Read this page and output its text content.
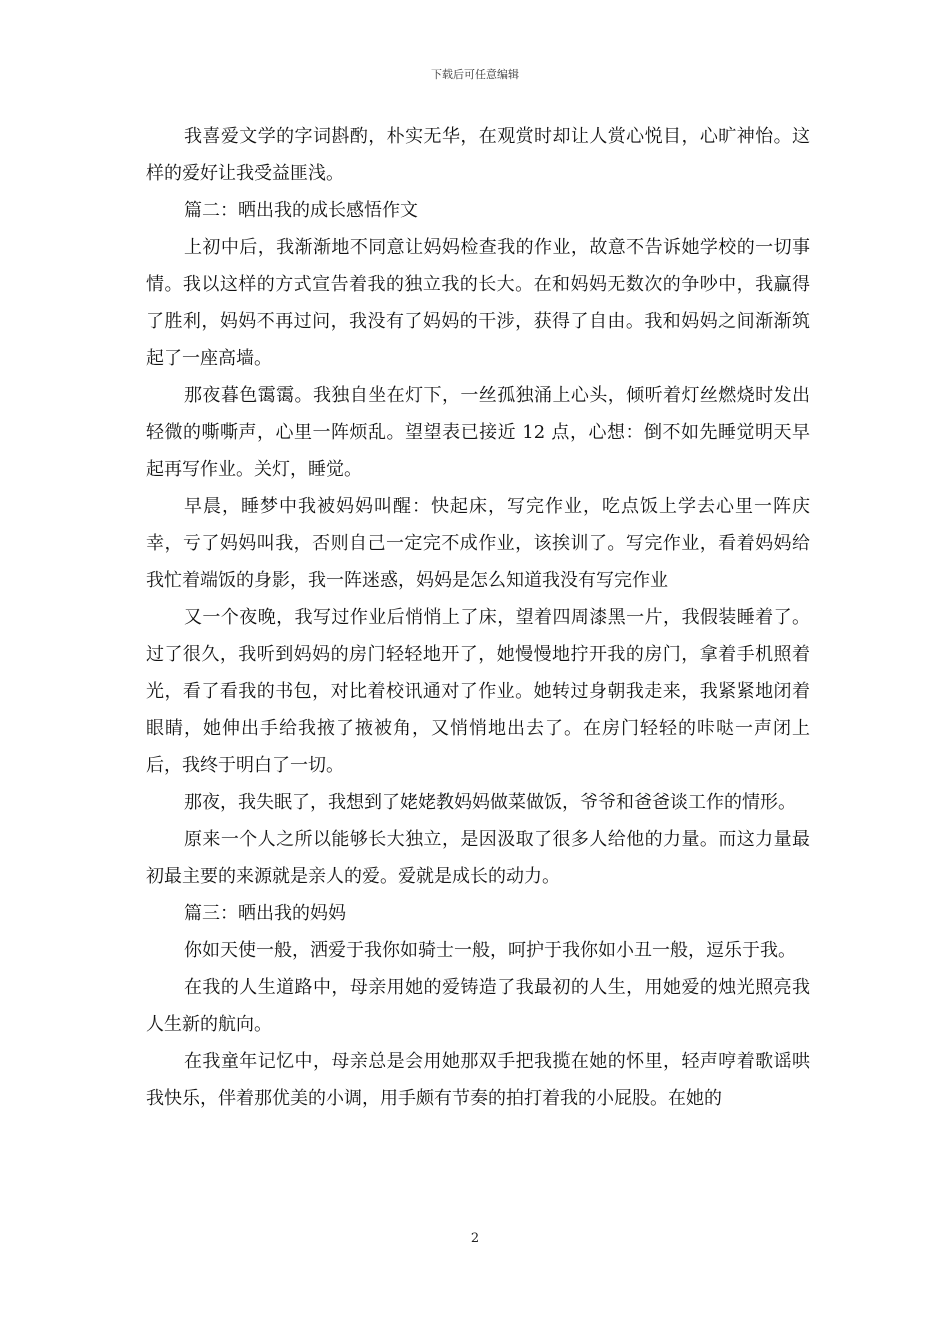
下载后可任意编辑

我喜爱文学的字词斟酌，朴实无华，在观赏时却让人赏心悦目，心旷神怡。这样的爱好让我受益匪浅。

篇二：晒出我的成长感悟作文

上初中后，我渐渐地不同意让妈妈检查我的作业，故意不告诉她学校的一切事情。我以这样的方式宣告着我的独立我的长大。在和妈妈无数次的争吵中，我赢得了胜利，妈妈不再过问，我没有了妈妈的干涉，获得了自由。我和妈妈之间渐渐筑起了一座高墙。

那夜暮色霭霭。我独自坐在灯下，一丝孤独涌上心头，倾听着灯丝燃烧时发出轻微的嘶嘶声，心里一阵烦乱。望望表已接近 12 点，心想：倒不如先睡觉明天早起再写作业。关灯，睡觉。

早晨，睡梦中我被妈妈叫醒：快起床，写完作业，吃点饭上学去心里一阵庆幸，亏了妈妈叫我，否则自己一定完不成作业，该挨训了。写完作业，看着妈妈给我忙着端饭的身影，我一阵迷惑，妈妈是怎么知道我没有写完作业

又一个夜晚，我写过作业后悄悄上了床，望着四周漆黑一片，我假装睡着了。过了很久，我听到妈妈的房门轻轻地开了，她慢慢地拧开我的房门，拿着手机照着光，看了看我的书包，对比着校讯通对了作业。她转过身朝我走来，我紧紧地闭着眼睛，她伸出手给我掖了掖被角，又悄悄地出去了。在房门轻轻的咔哒一声闭上后，我终于明白了一切。

那夜，我失眠了，我想到了姥姥教妈妈做菜做饭，爷爷和爸爸谈工作的情形。

原来一个人之所以能够长大独立，是因汲取了很多人给他的力量。而这力量最初最主要的来源就是亲人的爱。爱就是成长的动力。

篇三：晒出我的妈妈

你如天使一般，洒爱于我你如骑士一般，呵护于我你如小丑一般，逗乐于我。

在我的人生道路中，母亲用她的爱铸造了我最初的人生，用她爱的烛光照亮我人生新的航向。

在我童年记忆中，母亲总是会用她那双手把我揽在她的怀里，轻声哼着歌谣哄我快乐，伴着那优美的小调，用手颇有节奏的拍打着我的小屁股。在她的

2
